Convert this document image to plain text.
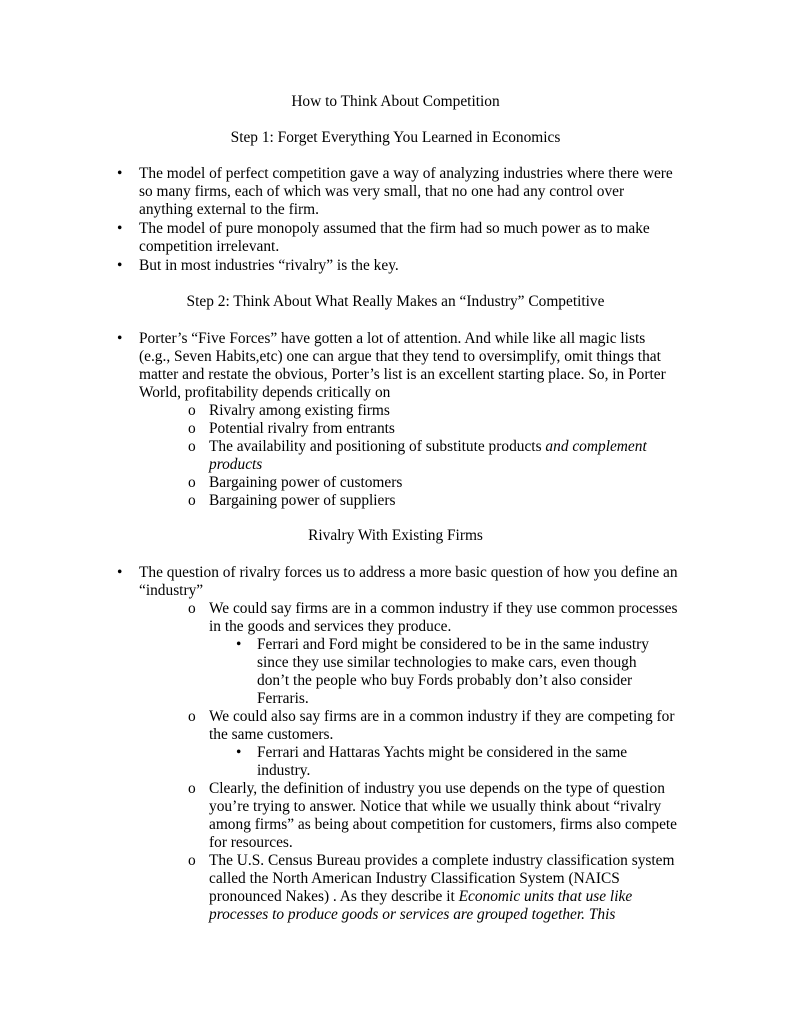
How to Think About Competition
Step 1: Forget Everything You Learned in Economics
•
The model of perfect competition gave a way of analyzing industries where there were so many firms, each of which was very small, that no one had any control over anything external to the firm.
•
The model of pure monopoly assumed that the firm had so much power as to make competition irrelevant.
•
But in most industries “rivalry” is the key.
Step 2: Think About What Really Makes an “Industry” Competitive
•
Porter’s “Five Forces” have gotten a lot of attention. And while like all magic lists (e.g., Seven Habits,etc) one can argue that they tend to oversimplify, omit things that matter and restate the obvious, Porter’s list is an excellent starting place. So, in Porter World, profitability depends critically on
o
Rivalry among existing firms
o
Potential rivalry from entrants
o
The availability and positioning of substitute products and complement products
o
Bargaining power of customers
o
Bargaining power of suppliers
Rivalry With Existing Firms
•
The question of rivalry forces us to address a more basic question of how you define an “industry”
o
We could say firms are in a common industry if they use common processes in the goods and services they produce.
•
Ferrari and Ford might be considered to be in the same industry since they use similar technologies to make cars, even though don’t the people who buy Fords probably don’t also consider Ferraris.
o
We could also say firms are in a common industry if they are competing for the same customers.
•
Ferrari and Hattaras Yachts might be considered in the same industry.
o
Clearly, the definition of industry you use depends on the type of question you’re trying to answer. Notice that while we usually think about “rivalry among firms” as being about competition for customers, firms also compete for resources.
o
The U.S. Census Bureau provides a complete industry classification system called the North American Industry Classification System (NAICS pronounced Nakes) . As they describe it Economic units that use like processes to produce goods or services are grouped together. This
